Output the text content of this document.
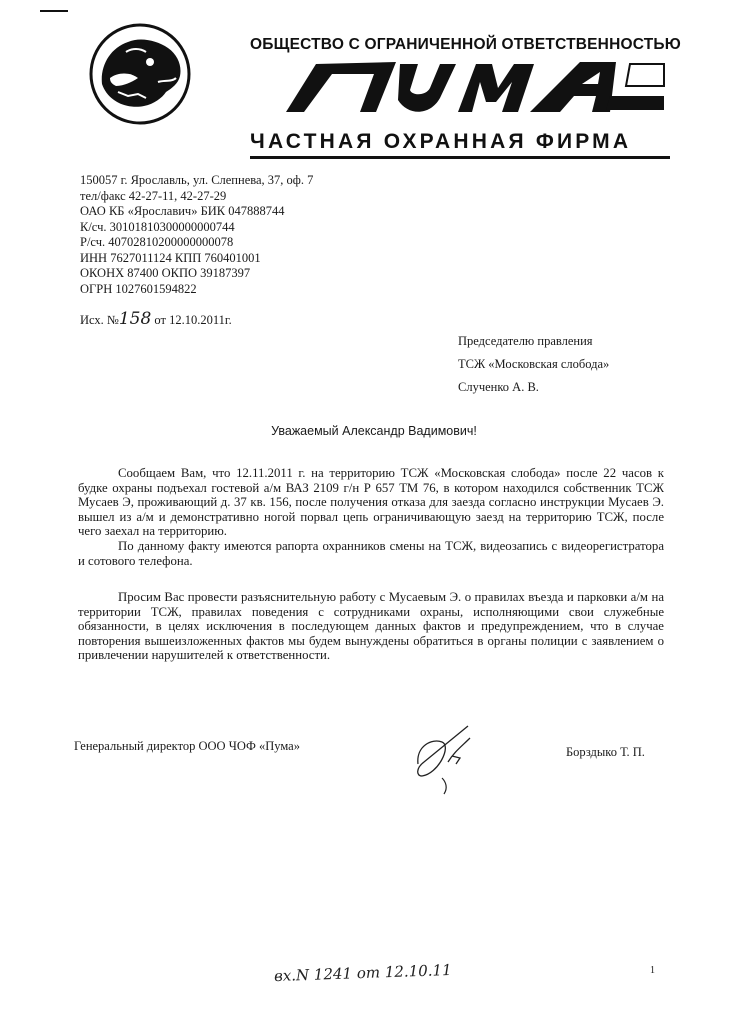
ОБЩЕСТВО С ОГРАНИЧЕННОЙ ОТВЕТСТВЕННОСТЬЮ
ЧАСТНАЯ ОХРАННАЯ ФИРМА
150057 г. Ярославль, ул. Слепнева, 37, оф. 7
тел/факс 42-27-11, 42-27-29
ОАО КБ «Ярославич» БИК 047888744
К/сч. 30101810300000000744
Р/сч. 40702810200000000078
ИНН 7627011124 КПП 760401001
ОКОНХ 87400 ОКПО 39187397
ОГРН 1027601594822
Исх. №158 от 12.10.2011г.
Председателю правления
ТСЖ «Московская слобода»
Слученко А. В.
Уважаемый Александр Вадимович!

Сообщаем Вам, что 12.11.2011 г. на территорию ТСЖ «Московская слобода» после 22 часов к будке охраны подъехал гостевой а/м ВАЗ 2109 г/н Р 657 ТМ 76, в котором находился собственник ТСЖ Мусаев Э, проживающий д. 37 кв. 156, после получения отказа для заезда согласно инструкции Мусаев Э. вышел из а/м и демонстративно ногой порвал цепь ограничивающую заезд на территорию ТСЖ, после чего заехал на территорию.

По данному факту имеются рапорта охранников смены на ТСЖ, видеозапись с видеорегистратора и сотового телефона.

Просим Вас провести разъяснительную работу с Мусаевым Э. о правилах въезда и парковки а/м на территории ТСЖ, правилах поведения с сотрудниками охраны, исполняющими свои служебные обязанности, в целях исключения в последующем данных фактов и предупреждением, что в случае повторения вышеизложенных фактов мы будем вынуждены обратиться в органы полиции с заявлением о привлечении нарушителей к ответственности.

Генеральный директор ООО ЧОФ «Пума»	Борздыко Т. П.
вх.N 1241 от 12.10.11	1
